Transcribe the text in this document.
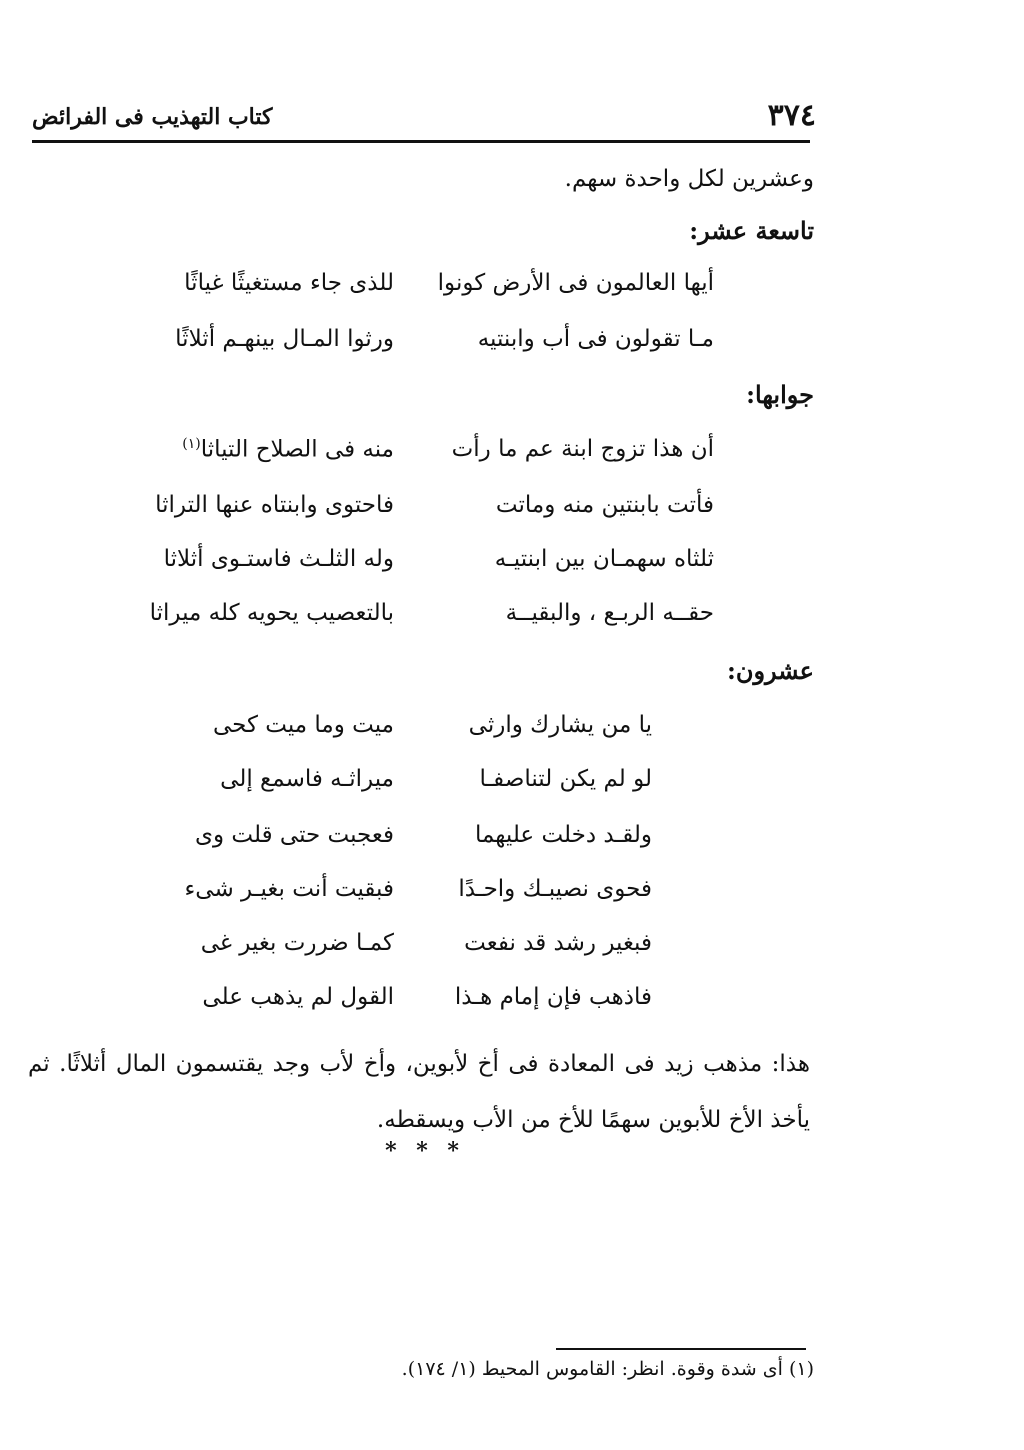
٣٧٤
كتاب التهذيب فى الفرائض
وعشرين لكل واحدة سهم.
تاسعة عشر:
أيها العالمون فى الأرض كونوا
للذى جاء مستغيثًا غياثًا
مـا تقولون فى أب وابنتيه
ورثوا المـال بينهـم أثلاثًا
جوابها:
أن هذا تزوج ابنة عم ما رأت
منه فى الصلاح التياثا$^{(١)}$
فأتت بابنتين منه وماتت
فاحتوى وابنتاه عنها التراثا
ثلثاه سهمـان بين ابنتيـه
وله الثلـث فاستـوى أثلاثا
حقــه الربـع ، والبقيــة
بالتعصيب يحويه كله ميراثا
عشرون:
يا من يشارك وارثى
ميت وما ميت كحى
لو لم يكن لتناصفـا
ميراثـه فاسمع إلى
ولقـد دخلت عليهما
فعجبت حتى قلت وى
فحوى نصيبـك واحـدًا
فبقيت أنت بغيـر شىء
فبغير رشد قد نفعت
كمـا ضررت بغير غى
فاذهب فإن إمام هـذا
القول لم يذهب على
هذا: مذهب زيد فى المعادة فى أخ لأبوين، وأخ لأب وجد يقتسمون المال أثلاثًا. ثم يأخذ الأخ للأبوين سهمًا للأخ من الأب ويسقطه.
* * *
(١) أى شدة وقوة. انظر: القاموس المحيط (١/ ١٧٤).
